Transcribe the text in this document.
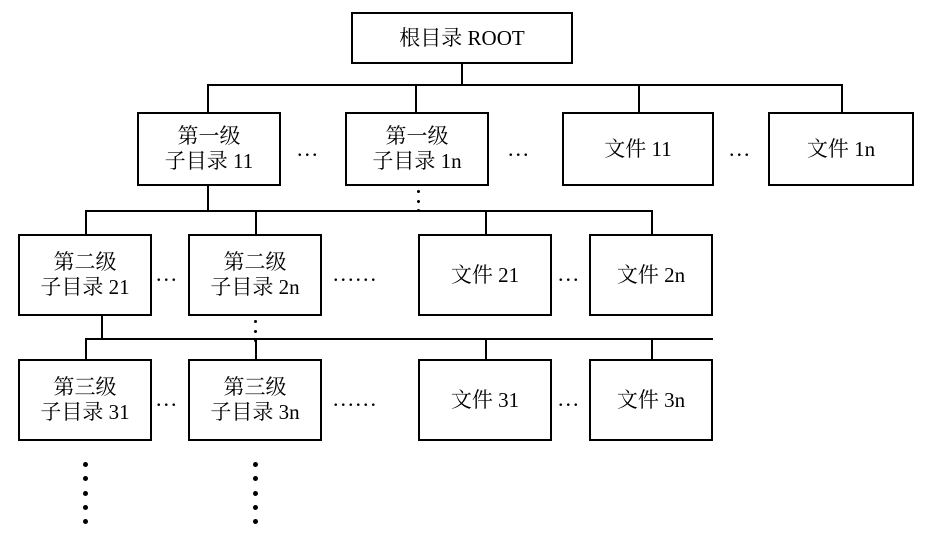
根目录 ROOT
第一级
子目录 11 ...	第一级
子目录 1n ...	文件 11	...	文件 1n
第二级
子目录 21
... 第二级
子目录 2n
......	文件 21 ... 文件 2n
第三级
子目录 31
... 第三级
子目录 3n
......	文件 31 ... 文件 3n
